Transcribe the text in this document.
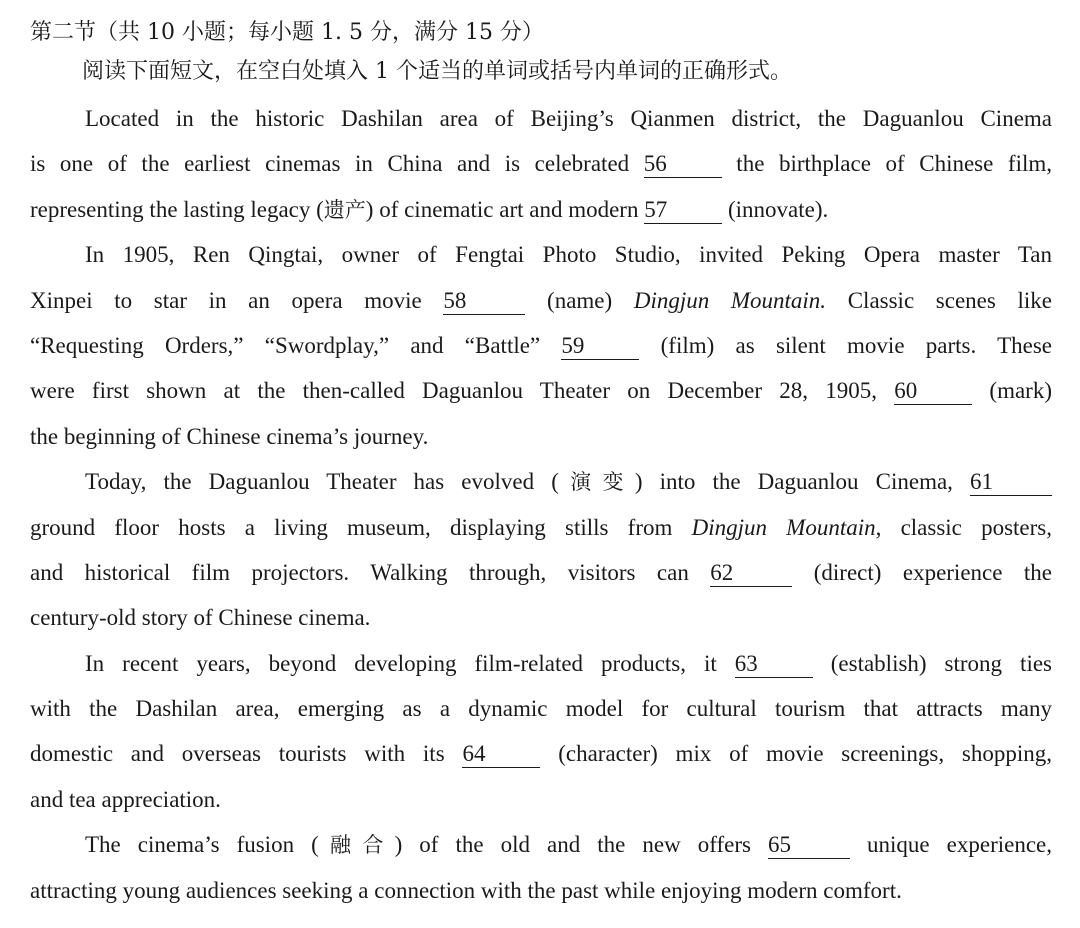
第二节（共 10 小题；每小题 1. 5 分，满分 15 分）
阅读下面短文，在空白处填入 1 个适当的单词或括号内单词的正确形式。
Located in the historic Dashilan area of Beijing’s Qianmen district, the Daguanlou Cinema
is one of the earliest cinemas in China and is celebrated 56 the birthplace of Chinese film,
representing the lasting legacy (遗产) of cinematic art and modern 57 (innovate).
In 1905, Ren Qingtai, owner of Fengtai Photo Studio, invited Peking Opera master Tan
Xinpei to star in an opera movie 58	(name) Dingjun Mountain. Classic scenes like
“Requesting Orders,” “Swordplay,” and “Battle” 59 (film) as silent movie parts. These
were first shown at the then-called Daguanlou Theater on December 28, 1905, 60 (mark)
the beginning of Chinese cinema’s journey.
Today, the Daguanlou Theater has evolved (演变) into the Daguanlou Cinema, 61
ground floor hosts a living museum, displaying stills from Dingjun Mountain, classic posters,
and historical film projectors. Walking through, visitors can 62	(direct) experience the
century-old story of Chinese cinema.
In recent years, beyond developing film-related products, it 63 (establish) strong ties
with the Dashilan area, emerging as a dynamic model for cultural tourism that attracts many
domestic and overseas tourists with its 64 (character) mix of movie screenings, shopping,
and tea appreciation.
The cinema’s fusion (融合) of the old and the new offers 65	unique experience,
attracting young audiences seeking a connection with the past while enjoying modern comfort.
